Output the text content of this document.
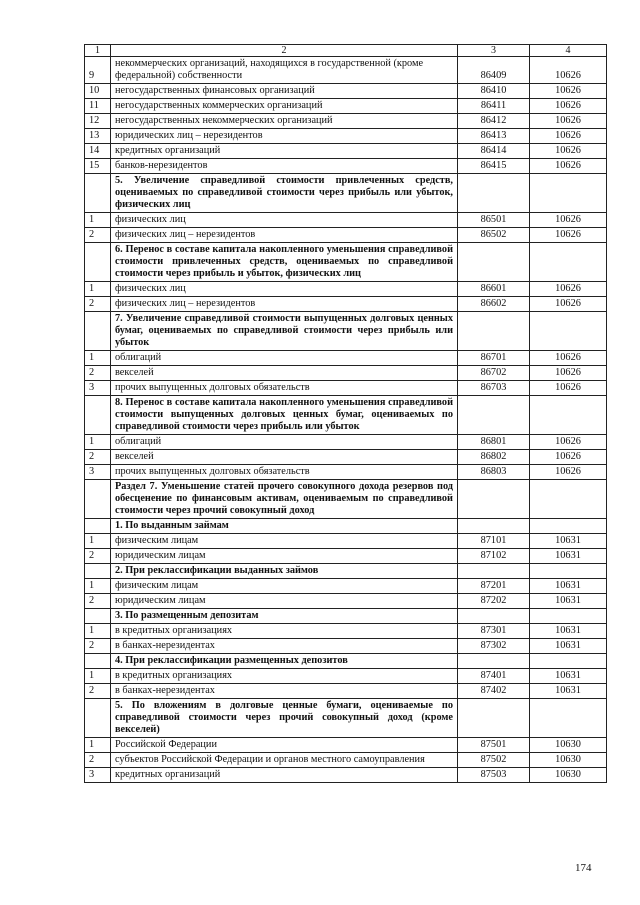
1	2	3	4
9	некоммерческих организаций, находящихся в государственной (кроме федеральной) собственности	86409	10626
10	негосударственных финансовых организаций	86410	10626
11	негосударственных коммерческих организаций	86411	10626
12	негосударственных некоммерческих организаций	86412	10626
13	юридических лиц – нерезидентов	86413	10626
14	кредитных организаций	86414	10626
15	банков-нерезидентов	86415	10626
	5. Увеличение справедливой стоимости привлеченных средств, оцениваемых по справедливой стоимости через прибыль или убыток, физических лиц		
1	физических лиц	86501	10626
2	физических лиц – нерезидентов	86502	10626
	6. Перенос в составе капитала накопленного уменьшения справедливой стоимости привлеченных средств, оцениваемых по справедливой стоимости через прибыль и убыток, физических лиц		
1	физических лиц	86601	10626
2	физических лиц – нерезидентов	86602	10626
	7. Увеличение справедливой стоимости выпущенных долговых ценных бумаг, оцениваемых по справедливой стоимости через прибыль или убыток		
1	облигаций	86701	10626
2	векселей	86702	10626
3	прочих выпущенных долговых обязательств	86703	10626
	8. Перенос в составе капитала накопленного уменьшения справедливой стоимости выпущенных долговых ценных бумаг, оцениваемых по справедливой стоимости через прибыль или убыток		
1	облигаций	86801	10626
2	векселей	86802	10626
3	прочих выпущенных долговых обязательств	86803	10626
	Раздел 7. Уменьшение статей прочего совокупного дохода резервов под обесценение по финансовым активам, оцениваемым по справедливой стоимости через прочий совокупный доход		
	1. По выданным займам		
1	физическим лицам	87101	10631
2	юридическим лицам	87102	10631
	2. При реклассификации выданных займов		
1	физическим лицам	87201	10631
2	юридическим лицам	87202	10631
	3. По размещенным депозитам		
1	в кредитных организациях	87301	10631
2	в банках-нерезидентах	87302	10631
	4. При реклассификации размещенных депозитов		
1	в кредитных организациях	87401	10631
2	в банках-нерезидентах	87402	10631
	5. По вложениям в долговые ценные бумаги, оцениваемые по справедливой стоимости через прочий совокупный доход (кроме векселей)		
1	Российской Федерации	87501	10630
2	субъектов Российской Федерации и органов местного самоуправления	87502	10630
3	кредитных организаций	87503	10630
174
